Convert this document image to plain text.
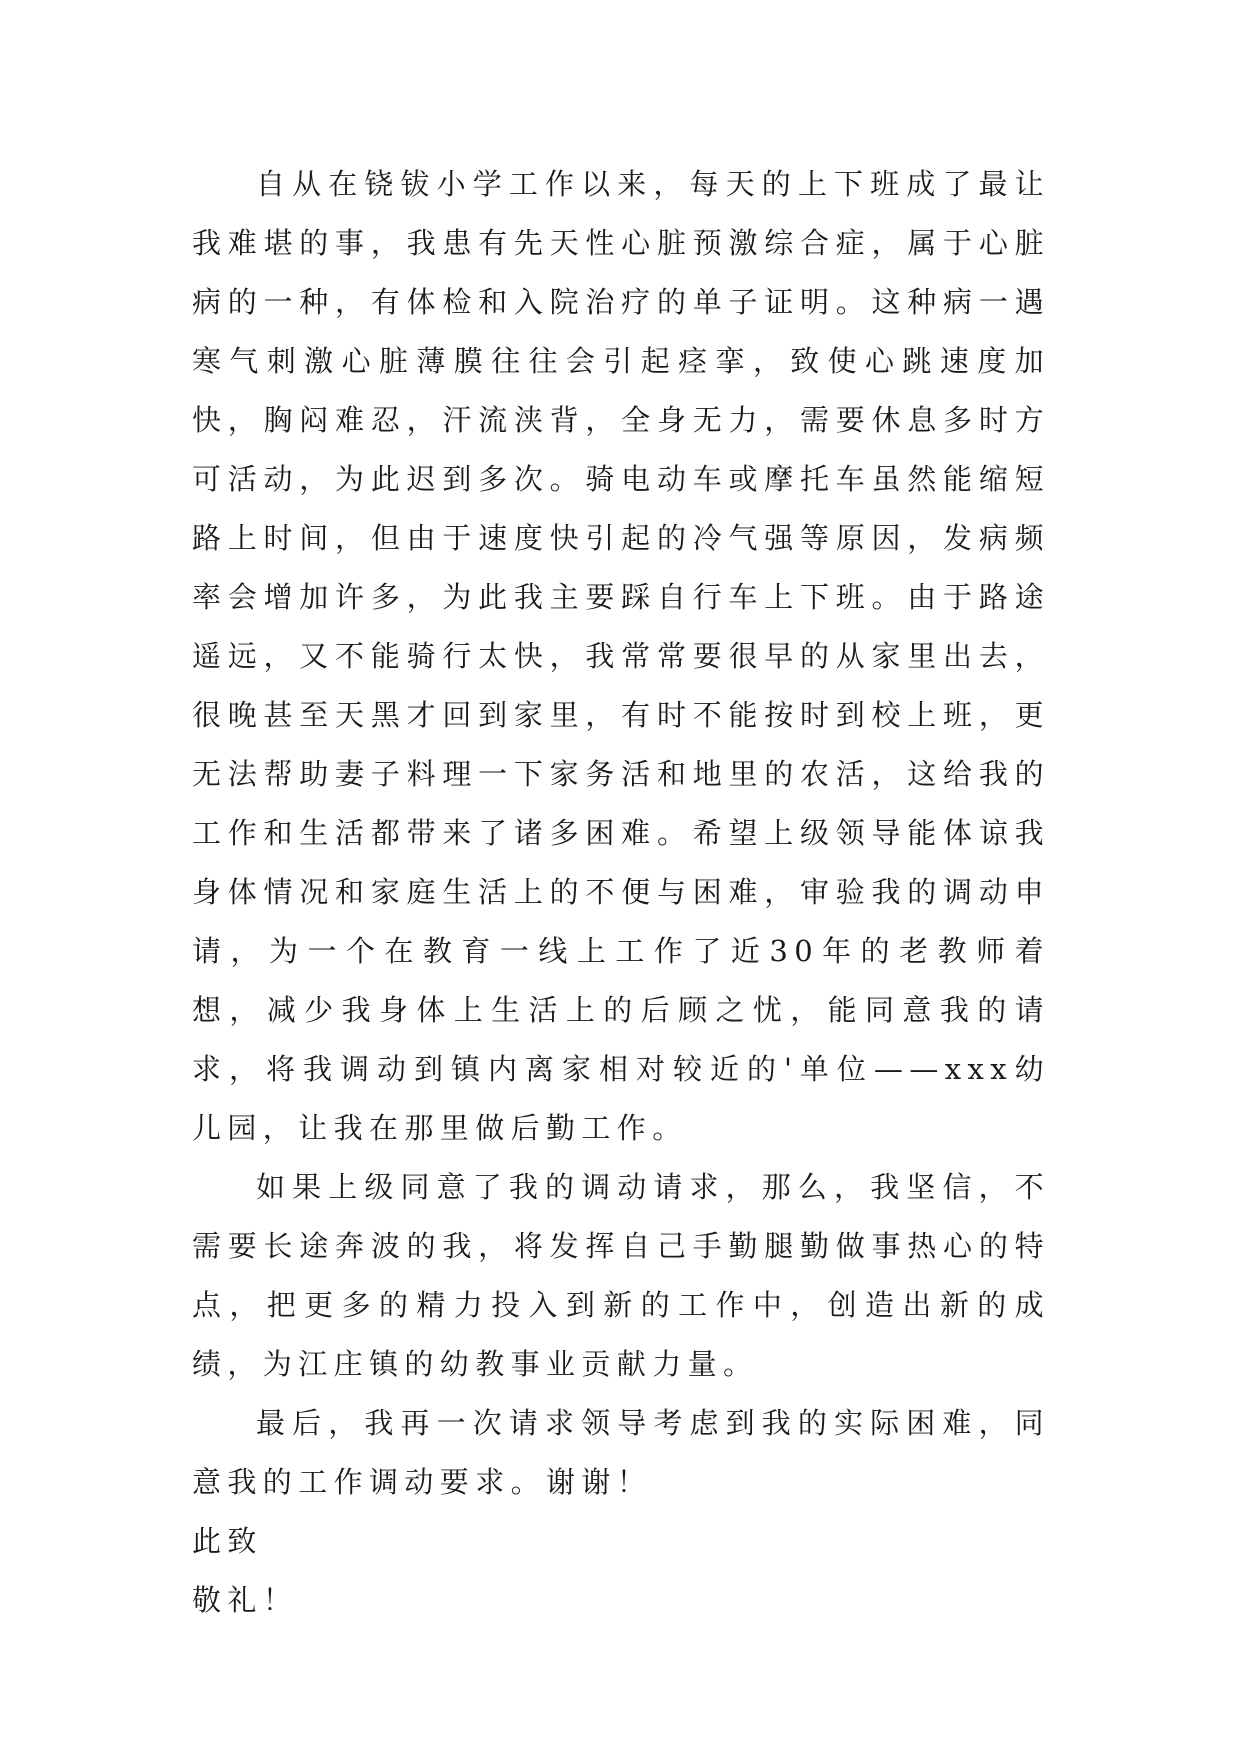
自从在铙钹小学工作以来，每天的上下班成了最让我难堪的事，我患有先天性心脏预激综合症，属于心脏病的一种，有体检和入院治疗的单子证明。这种病一遇寒气刺激心脏薄膜往往会引起痉挛，致使心跳速度加快，胸闷难忍，汗流浃背，全身无力，需要休息多时方可活动，为此迟到多次。骑电动车或摩托车虽然能缩短路上时间，但由于速度快引起的冷气强等原因，发病频率会增加许多，为此我主要踩自行车上下班。由于路途遥远，又不能骑行太快，我常常要很早的从家里出去，很晚甚至天黑才回到家里，有时不能按时到校上班，更无法帮助妻子料理一下家务活和地里的农活，这给我的工作和生活都带来了诸多困难。希望上级领导能体谅我身体情况和家庭生活上的不便与困难，审验我的调动申请，为一个在教育一线上工作了近30年的老教师着想，减少我身体上生活上的后顾之忧，能同意我的请求，将我调动到镇内离家相对较近的'单位——xxx幼儿园，让我在那里做后勤工作。

如果上级同意了我的调动请求，那么，我坚信，不需要长途奔波的我，将发挥自己手勤腿勤做事热心的特点，把更多的精力投入到新的工作中，创造出新的成绩，为江庄镇的幼教事业贡献力量。

最后，我再一次请求领导考虑到我的实际困难，同意我的工作调动要求。谢谢！

此致

敬礼！
